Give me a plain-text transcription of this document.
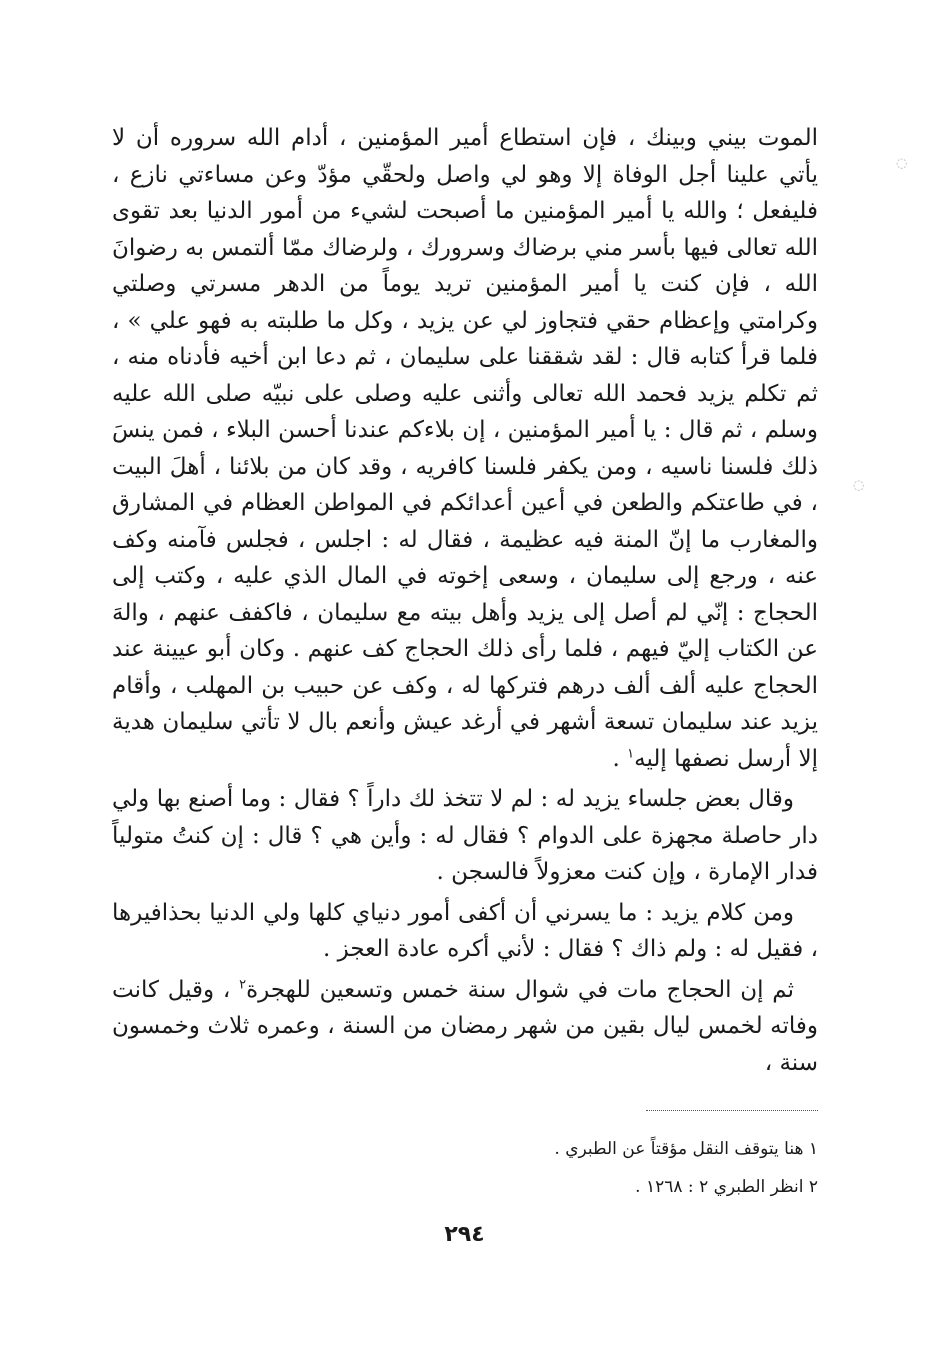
◌
◌

الموت بيني وبينك ، فإن استطاع أمير المؤمنين ، أدام الله سروره أن لا يأتي علينا أجل الوفاة إلا وهو لي واصل ولحقّي مؤدّ وعن مساءتي نازع ، فليفعل ؛ والله يا أمير المؤمنين ما أصبحت لشيء من أمور الدنيا بعد تقوى الله تعالى فيها بأسر مني برضاك وسرورك ، ولرضاك ممّا ألتمس به رضوانَ الله ، فإن كنت يا أمير المؤمنين تريد يوماً من الدهر مسرتي وصلتي وكرامتي وإعظام حقي فتجاوز لي عن يزيد ، وكل ما طلبته به فهو علي » ، فلما قرأ كتابه قال : لقد شققنا على سليمان ، ثم دعا ابن أخيه فأدناه منه ، ثم تكلم يزيد فحمد الله تعالى وأثنى عليه وصلى على نبيّه صلى الله عليه وسلم ، ثم قال : يا أمير المؤمنين ، إن بلاءكم عندنا أحسن البلاء ، فمن ينسَ ذلك فلسنا ناسيه ، ومن يكفر فلسنا كافريه ، وقد كان من بلائنا ، أهلَ البيت ، في طاعتكم والطعن في أعين أعدائكم في المواطن العظام في المشارق والمغارب ما إنّ المنة فيه عظيمة ، فقال له : اجلس ، فجلس فآمنه وكف عنه ، ورجع إلى سليمان ، وسعى إخوته في المال الذي عليه ، وكتب إلى الحجاج : إنّي لم أصل إلى يزيد وأهل بيته مع سليمان ، فاكفف عنهم ، والهَ عن الكتاب إليّ فيهم ، فلما رأى ذلك الحجاج كف عنهم . وكان أبو عيينة عند الحجاج عليه ألف ألف درهم فتركها له ، وكف عن حبيب بن المهلب ، وأقام يزيد عند سليمان تسعة أشهر في أرغد عيش وأنعم بال لا تأتي سليمان هدية إلا أرسل نصفها إليه$^١$ .

وقال بعض جلساء يزيد له : لم لا تتخذ لك داراً ؟ فقال : وما أصنع بها ولي دار حاصلة مجهزة على الدوام ؟ فقال له : وأين هي ؟ قال : إن كنتُ متولياً فدار الإمارة ، وإن كنت معزولاً فالسجن .

ومن كلام يزيد : ما يسرني أن أكفى أمور دنياي كلها ولي الدنيا بحذافيرها ، فقيل له : ولم ذاك ؟ فقال : لأني أكره عادة العجز .

ثم إن الحجاج مات في شوال سنة خمس وتسعين للهجرة$^٢$ ، وقيل كانت وفاته لخمس ليال بقين من شهر رمضان من السنة ، وعمره ثلاث وخمسون سنة ،

١ هنا يتوقف النقل مؤقتاً عن الطبري .

٢ انظر الطبري ٢ : ١٢٦٨ .

٢٩٤
